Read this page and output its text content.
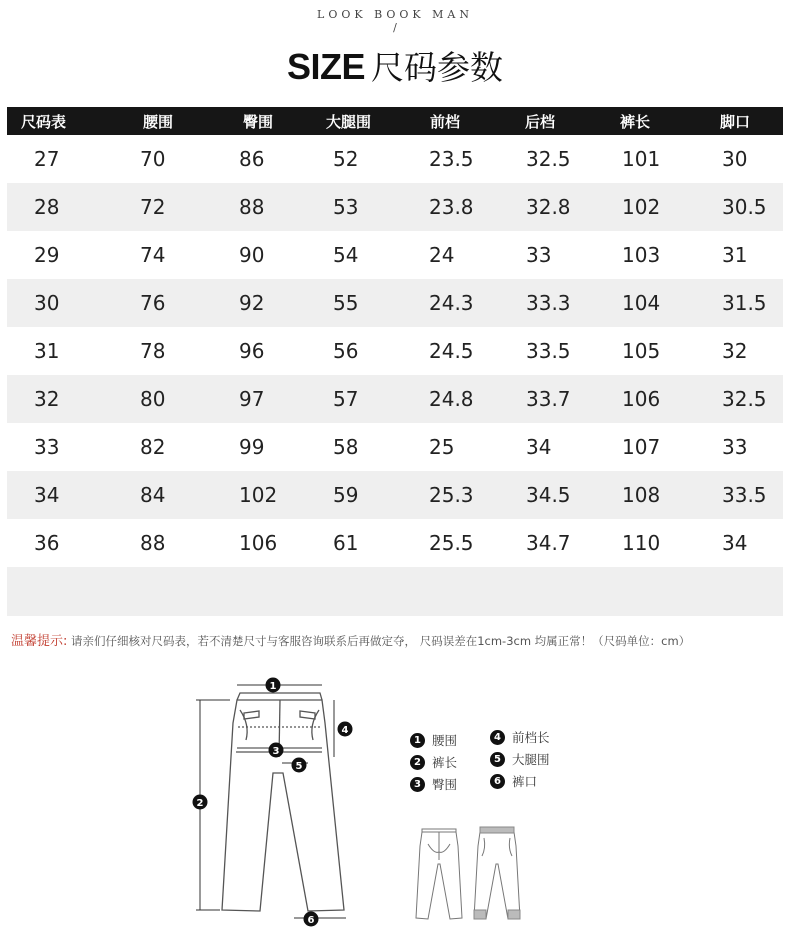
LOOK BOOK MAN
/
SIZE 尺码参数
尺码表	腰围	臀围	大腿围	前档	后档	裤长	脚口
27	70	86	52	23.5	32.5	101	30
28	72	88	53	23.8	32.8	102	30.5
29	74	90	54	24	33	103	31
30	76	92	55	24.3	33.3	104	31.5
31	78	96	56	24.5	33.5	105	32
32	80	97	57	24.8	33.7	106	32.5
33	82	99	58	25	34	107	33
34	84	102	59	25.3	34.5	108	33.5
36	88	106	61	25.5	34.7	110	34
温馨提示: 请亲们仔细核对尺码表，若不清楚尺寸与客服咨询联系后再做定夺， 尺码误差在1cm-3cm 均属正常！（尺码单位：cm）
1
2
3
4
5
6
1 腰围
2 裤长
3 臀围
4 前档长
5 大腿围
6 裤口
